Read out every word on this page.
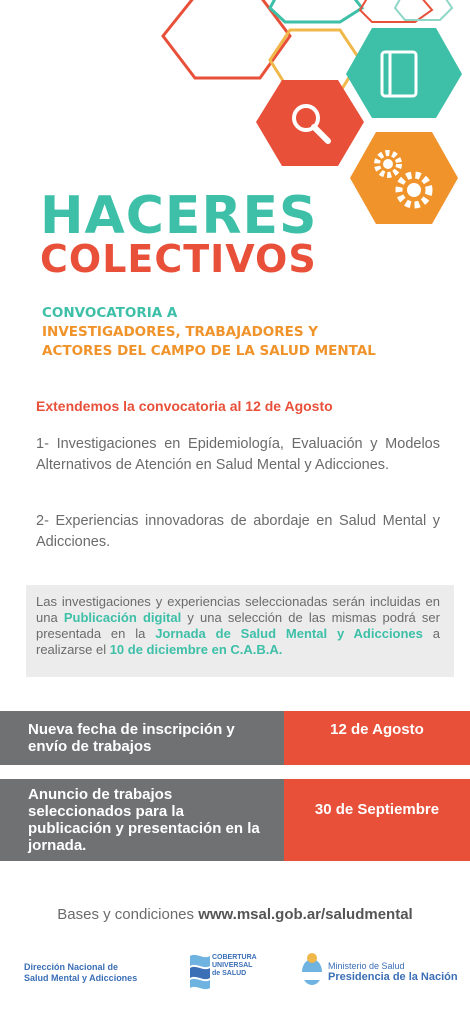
HACERES
COLECTIVOS
CONVOCATORIA A
INVESTIGADORES, TRABAJADORES Y
ACTORES DEL CAMPO DE LA SALUD MENTAL
Extendemos la convocatoria al 12 de Agosto
1- Investigaciones en Epidemiología, Evaluación y Modelos Alternativos de Atención en Salud Mental y Adicciones.
2- Experiencias innovadoras de abordaje en Salud Mental y Adicciones.
Las investigaciones y experiencias seleccionadas serán incluidas en una Publicación digital y una selección de las mismas podrá ser presentada en la Jornada de Salud Mental y Adicciones a realizarse el 10 de diciembre en C.A.B.A.
12 de Agosto
Nueva fecha de inscripción y envío de trabajos
30 de Septiembre
Anuncio de trabajos seleccionados para la publicación y presentación en la jornada.
Bases y condiciones www.msal.gob.ar/saludmental
Dirección Nacional de
Salud Mental y Adicciones
COBERTURA
UNIVERSAL
de SALUD
Ministerio de Salud
Presidencia de la Nación
